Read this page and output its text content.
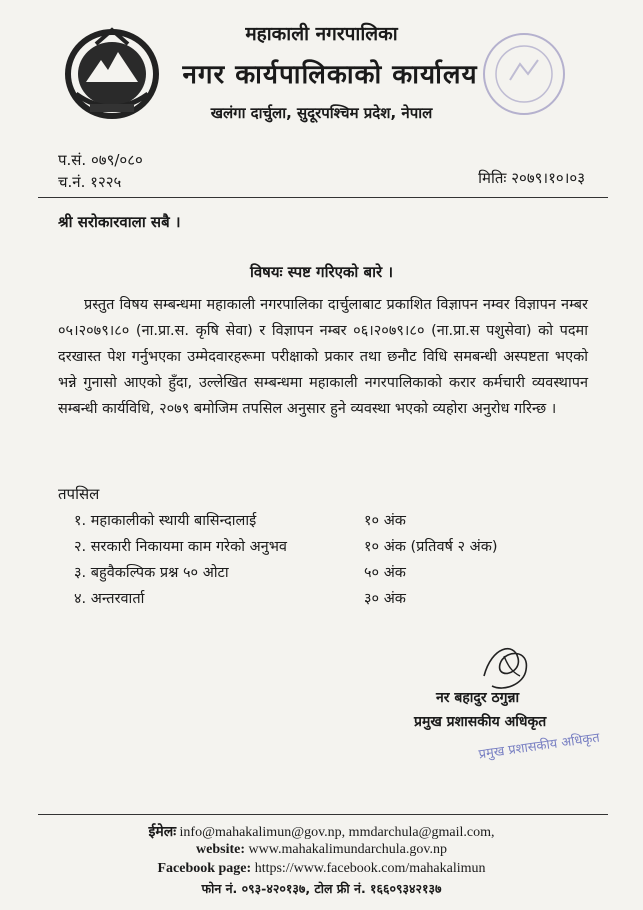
महाकाली नगरपालिका
नगर कार्यपालिकाको कार्यालय
खलंगा दार्चुला, सुदूरपश्चिम प्रदेश, नेपाल
प.सं. ०७९/०८०
च.नं. १२२५	मितिः २०७९।१०।०३
श्री सरोकारवाला सबै ।
विषयः स्पष्ट गरिएको बारे ।

प्रस्तुत विषय सम्बन्धमा महाकाली नगरपालिका दार्चुलाबाट प्रकाशित विज्ञापन नम्वर विज्ञापन नम्बर ०५।२०७९।८० (ना.प्रा.स. कृषि सेवा) र विज्ञापन नम्बर ०६।२०७९।८० (ना.प्रा.स पशुसेवा) को पदमा दरखास्त पेश गर्नुभएका उम्मेदवारहरूमा परीक्षाको प्रकार तथा छनौट विधि समबन्धी अस्पष्टता भएको भन्ने गुनासो आएको हुँदा, उल्लेखित सम्बन्धमा महाकाली नगरपालिकाको करार कर्मचारी व्यवस्थापन सम्बन्धी कार्यविधि, २०७९ बमोजिम तपसिल अनुसार हुने व्यवस्था भएको व्यहोरा अनुरोध गरिन्छ ।

तपसिल
१. महाकालीको स्थायी बासिन्दालाई	१० अंक
२. सरकारी निकायमा काम गरेको अनुभव	१० अंक (प्रतिवर्ष २ अंक)
३. बहुवैकल्पिक प्रश्न ५० ओटा	५० अंक
४. अन्तरवार्ता	३० अंक
नर बहादुर ठगुन्ना
प्रमुख प्रशासकीय अधिकृत
प्रमुख प्रशासकीय अधिकृत
ईमेलः info@mahakalimun@gov.np, mmdarchula@gmail.com,
website: www.mahakalimundarchula.gov.np
Facebook page: https://www.facebook.com/mahakalimun
फोन नं. ०९३-४२०१३७, टोल फ्री नं. १६६०९३४२१३७
